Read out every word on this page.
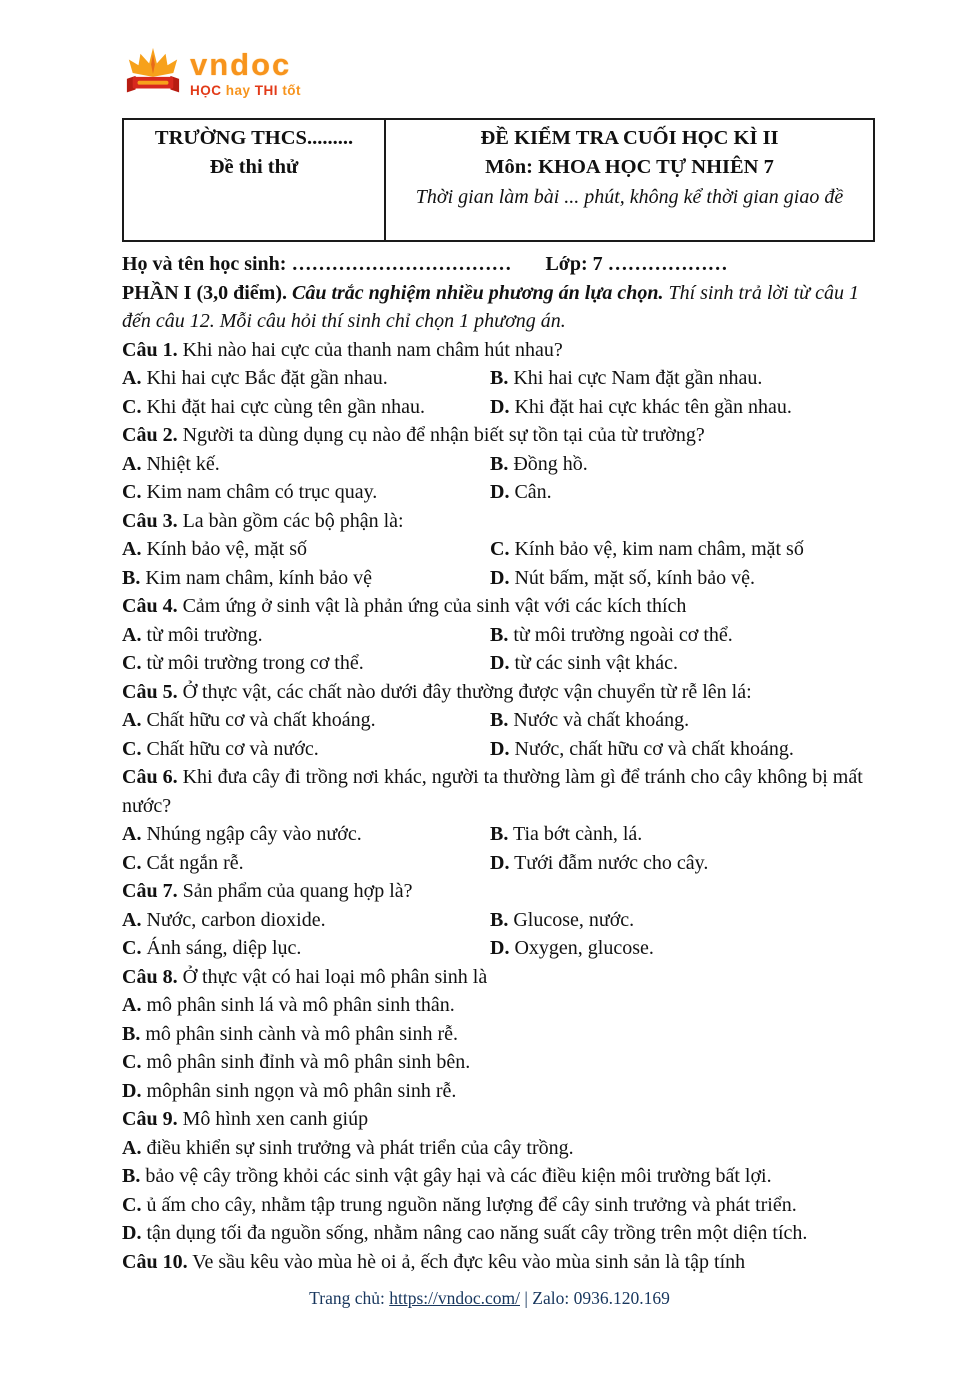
vndoc
HỌC hay THI tốt
TRƯỜNG THCS.........
Đề thi thử
ĐỀ KIỂM TRA CUỐI HỌC KÌ II
Môn: KHOA HỌC TỰ NHIÊN 7
Thời gian làm bài ... phút, không kể thời gian giao đề
Họ và tên học sinh: …………………………… Lớp: 7 ………………
PHẦN I (3,0 điểm). Câu trắc nghiệm nhiều phương án lựa chọn. Thí sinh trả lời từ câu 1 đến câu 12. Mỗi câu hỏi thí sinh chỉ chọn 1 phương án.
Câu 1. Khi nào hai cực của thanh nam châm hút nhau?
A. Khi hai cực Bắc đặt gần nhau.	B. Khi hai cực Nam đặt gần nhau.
C. Khi đặt hai cực cùng tên gần nhau.	D. Khi đặt hai cực khác tên gần nhau.
Câu 2. Người ta dùng dụng cụ nào để nhận biết sự tồn tại của từ trường?
A. Nhiệt kế.	B. Đồng hồ.
C. Kim nam châm có trục quay.	D. Cân.
Câu 3. La bàn gồm các bộ phận là:
A. Kính bảo vệ, mặt số	C. Kính bảo vệ, kim nam châm, mặt số
B. Kim nam châm, kính bảo vệ	D. Nút bấm, mặt số, kính bảo vệ.
Câu 4. Cảm ứng ở sinh vật là phản ứng của sinh vật với các kích thích
A. từ môi trường.	B. từ môi trường ngoài cơ thể.
C. từ môi trường trong cơ thể.	D. từ các sinh vật khác.
Câu 5. Ở thực vật, các chất nào dưới đây thường được vận chuyển từ rễ lên lá:
A. Chất hữu cơ và chất khoáng.	B. Nước và chất khoáng.
C. Chất hữu cơ và nước.	D. Nước, chất hữu cơ và chất khoáng.
Câu 6. Khi đưa cây đi trồng nơi khác, người ta thường làm gì để tránh cho cây không bị mất nước?
A. Nhúng ngập cây vào nước.	B. Tia bớt cành, lá.
C. Cắt ngắn rễ.	D. Tưới đẫm nước cho cây.
Câu 7. Sản phẩm của quang hợp là?
A. Nước, carbon dioxide.	B. Glucose, nước.
C. Ánh sáng, diệp lục.	D. Oxygen, glucose.
Câu 8. Ở thực vật có hai loại mô phân sinh là
A. mô phân sinh lá và mô phân sinh thân.
B. mô phân sinh cành và mô phân sinh rễ.
C. mô phân sinh đỉnh và mô phân sinh bên.
D. môphân sinh ngọn và mô phân sinh rễ.
Câu 9. Mô hình xen canh giúp
A. điều khiển sự sinh trưởng và phát triển của cây trồng.
B. bảo vệ cây trồng khỏi các sinh vật gây hại và các điều kiện môi trường bất lợi.
C. ủ ấm cho cây, nhằm tập trung nguồn năng lượng để cây sinh trưởng và phát triển.
D. tận dụng tối đa nguồn sống, nhằm nâng cao năng suất cây trồng trên một diện tích.
Câu 10. Ve sầu kêu vào mùa hè oi ả, ếch đực kêu vào mùa sinh sản là tập tính
Trang chủ: https://vndoc.com/ | Zalo: 0936.120.169
